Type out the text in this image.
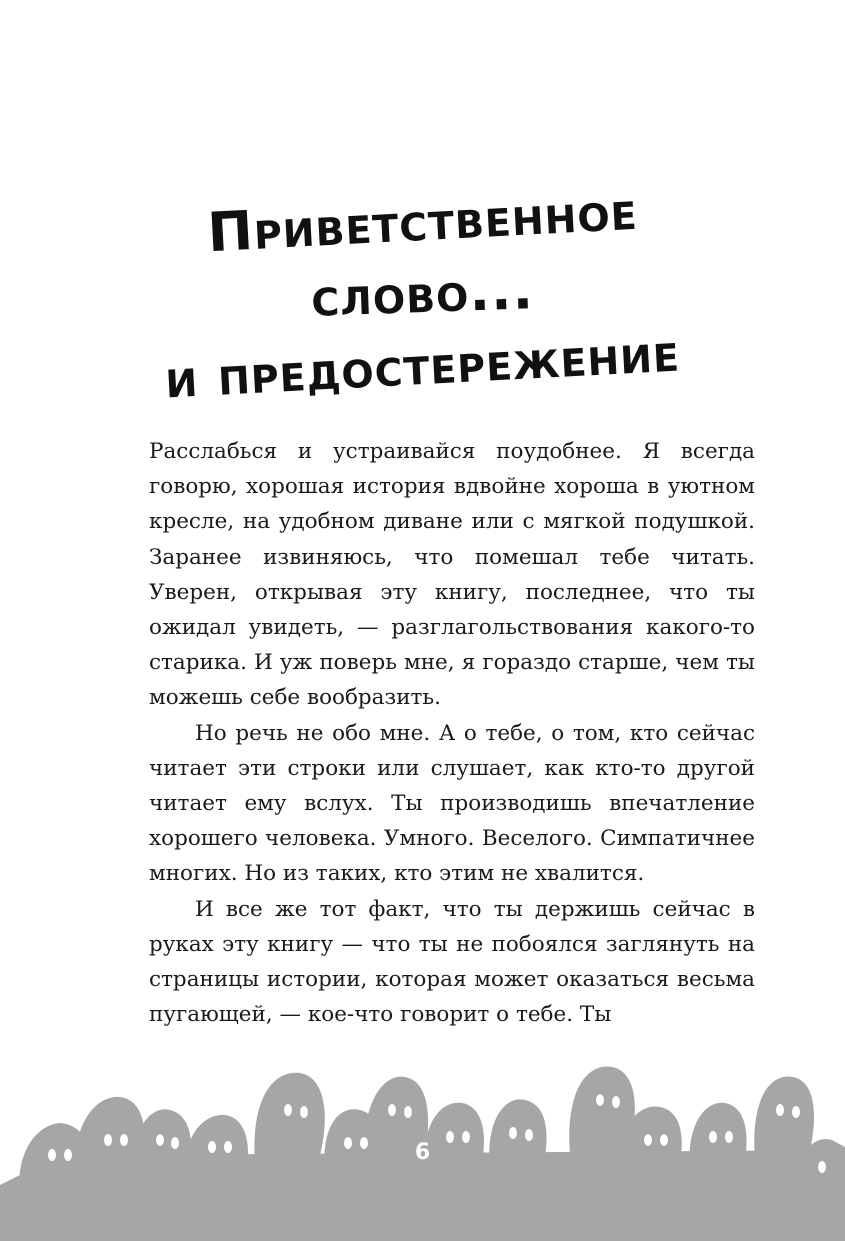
Приветственное
слово...
и предостережение

Расслабься и устраивайся поудобнее. Я всегда говорю, хорошая история вдвойне хороша в уютном кресле, на удобном диване или с мягкой подушкой. Заранее извиняюсь, что помешал тебе читать. Уверен, открывая эту книгу, последнее, что ты ожидал увидеть, — разглагольствования какого-то старика. И уж поверь мне, я гораздо старше, чем ты можешь себе вообразить.

Но речь не обо мне. А о тебе, о том, кто сейчас читает эти строки или слушает, как кто-то другой читает ему вслух. Ты производишь впечатление хорошего человека. Умного. Веселого. Симпатичнее многих. Но из таких, кто этим не хвалится.

И все же тот факт, что ты держишь сейчас в руках эту книгу — что ты не побоялся заглянуть на страницы истории, которая может оказаться весьма пугающей, — кое-что говорит о тебе. Ты

6
